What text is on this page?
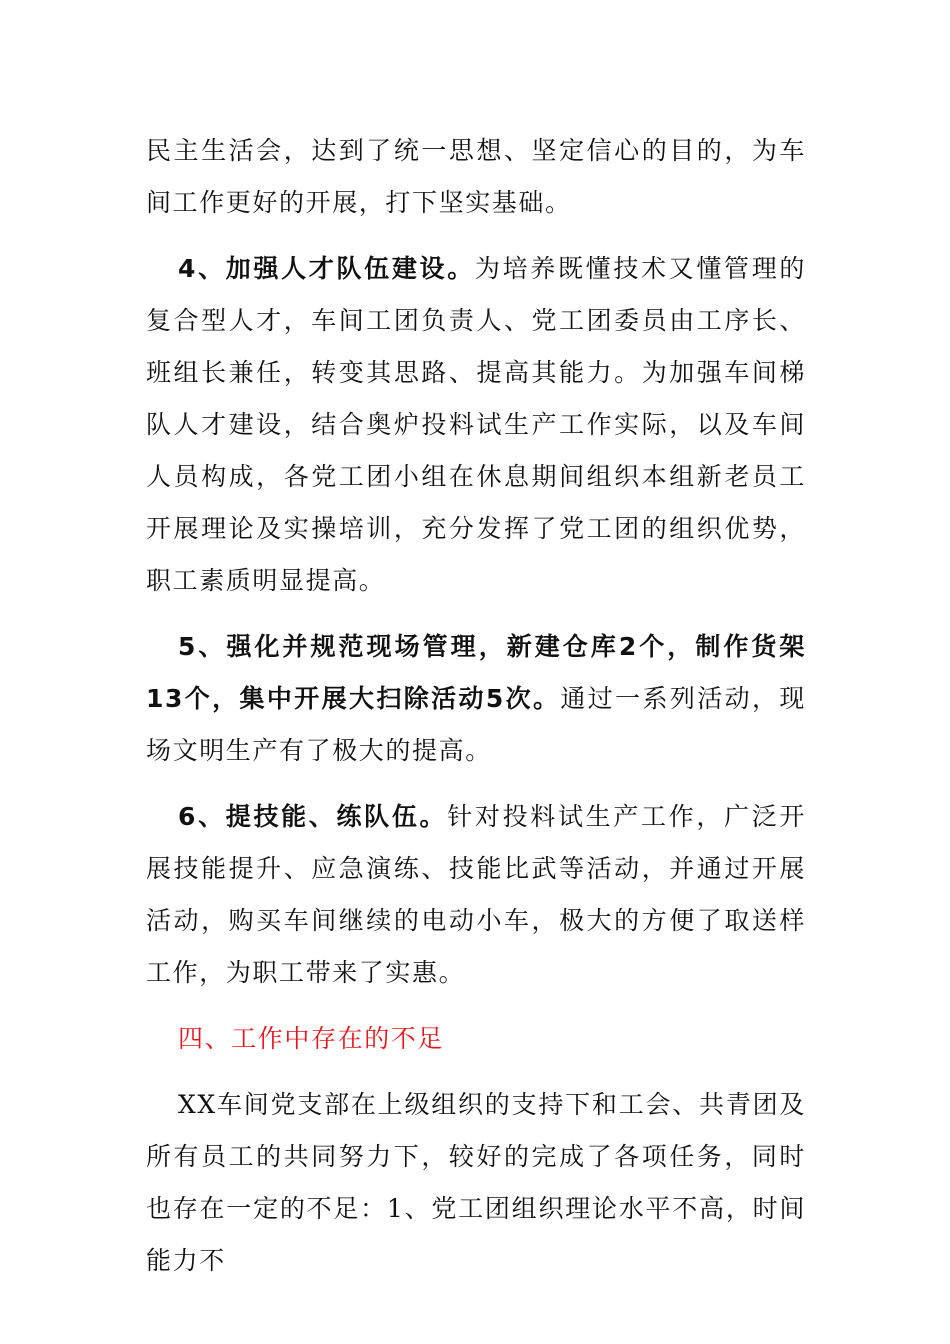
民主生活会，达到了统一思想、坚定信心的目的，为车间工作更好的开展，打下坚实基础。

4、加强人才队伍建设。为培养既懂技术又懂管理的复合型人才，车间工团负责人、党工团委员由工序长、班组长兼任，转变其思路、提高其能力。为加强车间梯队人才建设，结合奥炉投料试生产工作实际，以及车间人员构成，各党工团小组在休息期间组织本组新老员工开展理论及实操培训，充分发挥了党工团的组织优势，职工素质明显提高。

5、强化并规范现场管理，新建仓库2个，制作货架13个，集中开展大扫除活动5次。通过一系列活动，现场文明生产有了极大的提高。

6、提技能、练队伍。针对投料试生产工作，广泛开展技能提升、应急演练、技能比武等活动，并通过开展活动，购买车间继续的电动小车，极大的方便了取送样工作，为职工带来了实惠。

四、工作中存在的不足

XX车间党支部在上级组织的支持下和工会、共青团及所有员工的共同努力下，较好的完成了各项任务，同时也存在一定的不足：1、党工团组织理论水平不高，时间能力不
